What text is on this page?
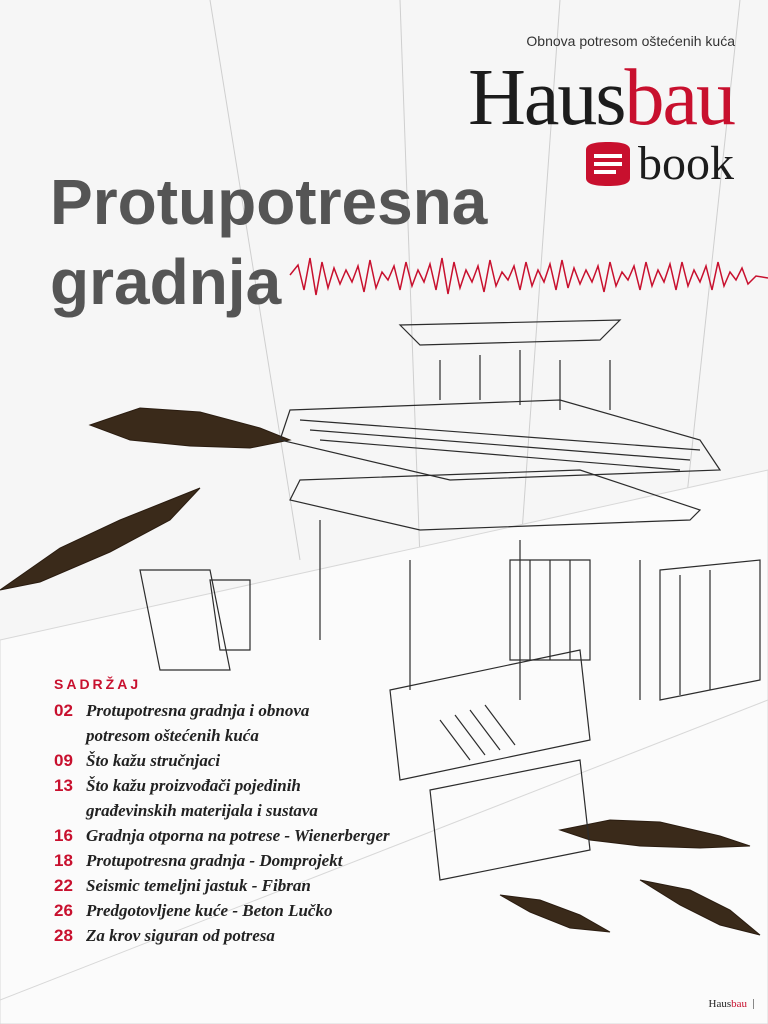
Obnova potresom oštećenih kuća
Hausbau
book
Protupotresna
gradnja
SADRŽAJ
02 Protupotresna gradnja i obnova
potresom oštećenih kuća
09 Što kažu stručnjaci
13 Što kažu proizvođači pojedinih
građevinskih materijala i sustava
16 Gradnja otporna na potrese - Wienerberger
18 Protupotresna gradnja - Domprojekt
22 Seismic temeljni jastuk - Fibran
26 Predgotovljene kuće - Beton Lučko
28 Za krov siguran od potresa
Hausbau
